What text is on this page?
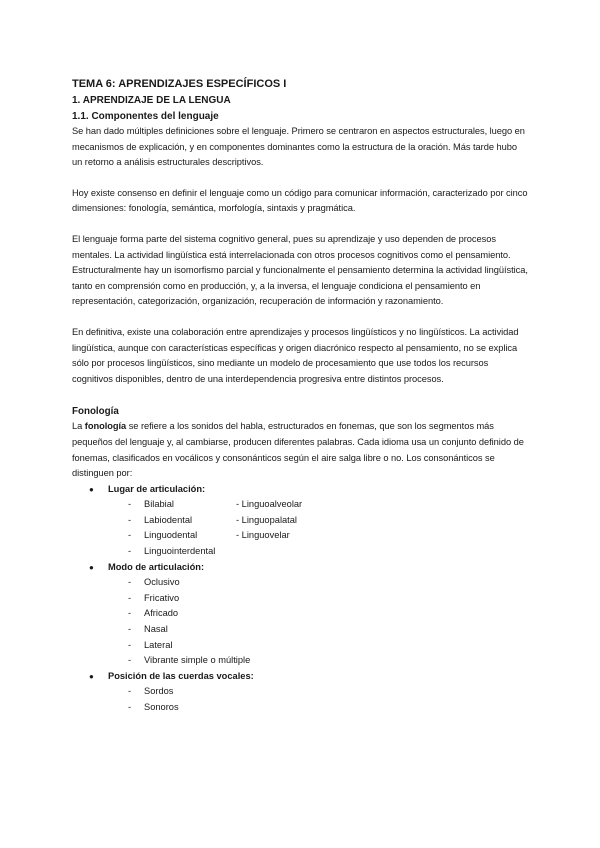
TEMA 6: APRENDIZAJES ESPECÍFICOS I
1. APRENDIZAJE DE LA LENGUA
1.1. Componentes del lenguaje

Se han dado múltiples definiciones sobre el lenguaje. Primero se centraron en aspectos estructurales, luego en mecanismos de explicación, y en componentes dominantes como la estructura de la oración. Más tarde hubo un retorno a análisis estructurales descriptivos.

Hoy existe consenso en definir el lenguaje como un código para comunicar información, caracterizado por cinco dimensiones: fonología, semántica, morfología, sintaxis y pragmática.

El lenguaje forma parte del sistema cognitivo general, pues su aprendizaje y uso dependen de procesos mentales. La actividad lingüística está interrelacionada con otros procesos cognitivos como el pensamiento. Estructuralmente hay un isomorfismo parcial y funcionalmente el pensamiento determina la actividad lingüística, tanto en comprensión como en producción, y, a la inversa, el lenguaje condiciona el pensamiento en representación, categorización, organización, recuperación de información y razonamiento.

En definitiva, existe una colaboración entre aprendizajes y procesos lingüísticos y no lingüísticos. La actividad lingüística, aunque con características específicas y origen diacrónico respecto al pensamiento, no se explica sólo por procesos lingüísticos, sino mediante un modelo de procesamiento que use todos los recursos cognitivos disponibles, dentro de una interdependencia progresiva entre distintos procesos.

Fonología

La fonología se refiere a los sonidos del habla, estructurados en fonemas, que son los segmentos más pequeños del lenguaje y, al cambiarse, producen diferentes palabras. Cada idioma usa un conjunto definido de fonemas, clasificados en vocálicos y consonánticos según el aire salga libre o no. Los consonánticos se distinguen por:

● Lugar de articulación:
- Bilabial	- Linguoalveolar
- Labiodental	- Linguopalatal
- Linguodental	- Linguovelar
- Linguointerdental
● Modo de articulación:
- Oclusivo
- Fricativo
- Africado
- Nasal
- Lateral
- Vibrante simple o múltiple
● Posición de las cuerdas vocales:
- Sordos
- Sonoros
